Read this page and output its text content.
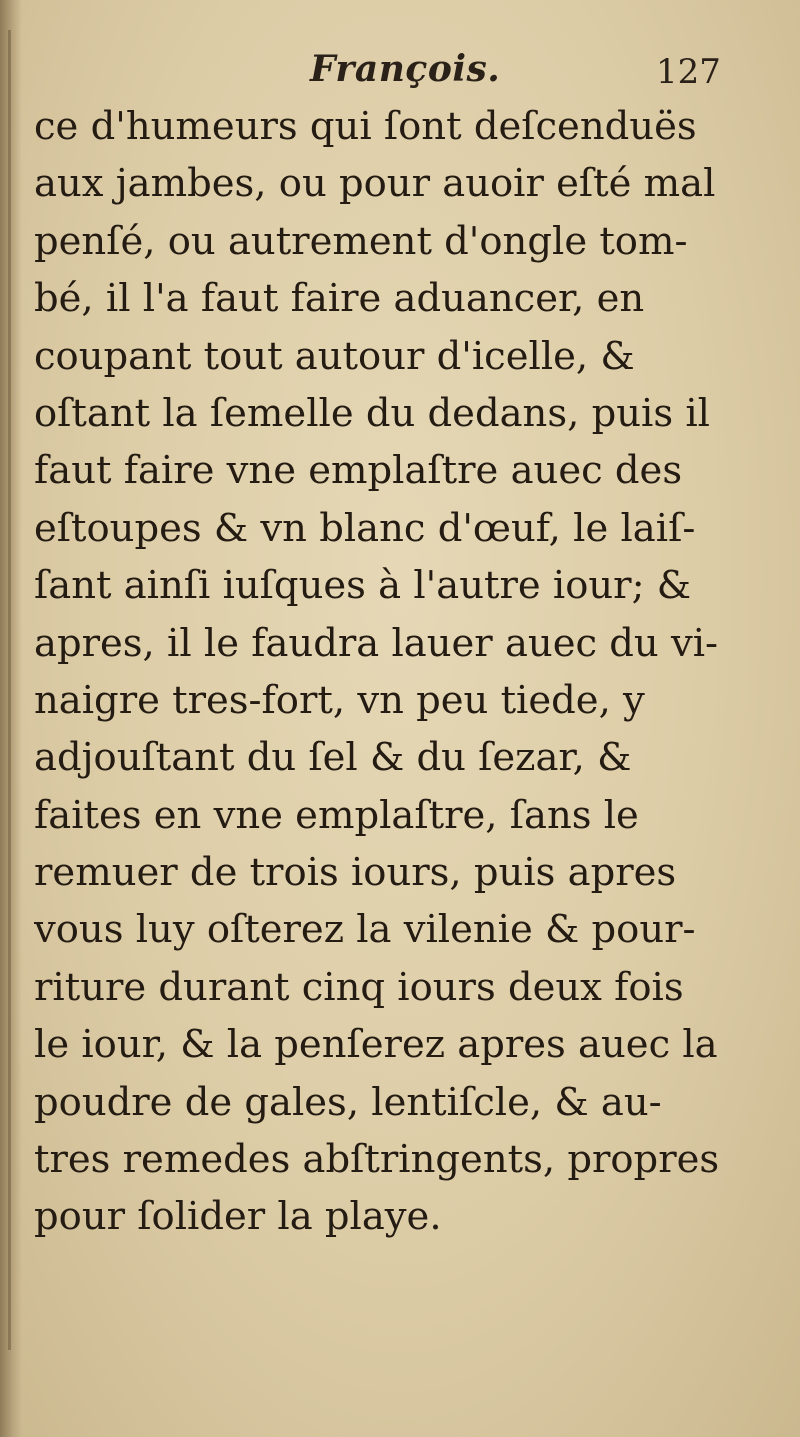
François.	127
ce d'humeurs qui ſont deſcenduës
aux jambes, ou pour auoir eſté mal
penſé, ou autrement d'ongle tom-
bé, il l'a faut faire aduancer, en
coupant tout autour d'icelle, &
oſtant la ſemelle du dedans, puis il
faut faire vne emplaſtre auec des
eſtoupes & vn blanc d'œuf, le laiſ-
ſant ainſi iuſques à l'autre iour; &
apres, il le faudra lauer auec du vi-
naigre tres-fort, vn peu tiede, y
adjouſtant du ſel & du ſezar, &
faites en vne emplaſtre, ſans le
remuer de trois iours, puis apres
vous luy oſterez la vilenie & pour-
riture durant cinq iours deux fois
le iour, & la penſerez apres auec la
poudre de gales, lentiſcle, & au-
tres remedes abſtringents, propres
pour ſolider la playe.
